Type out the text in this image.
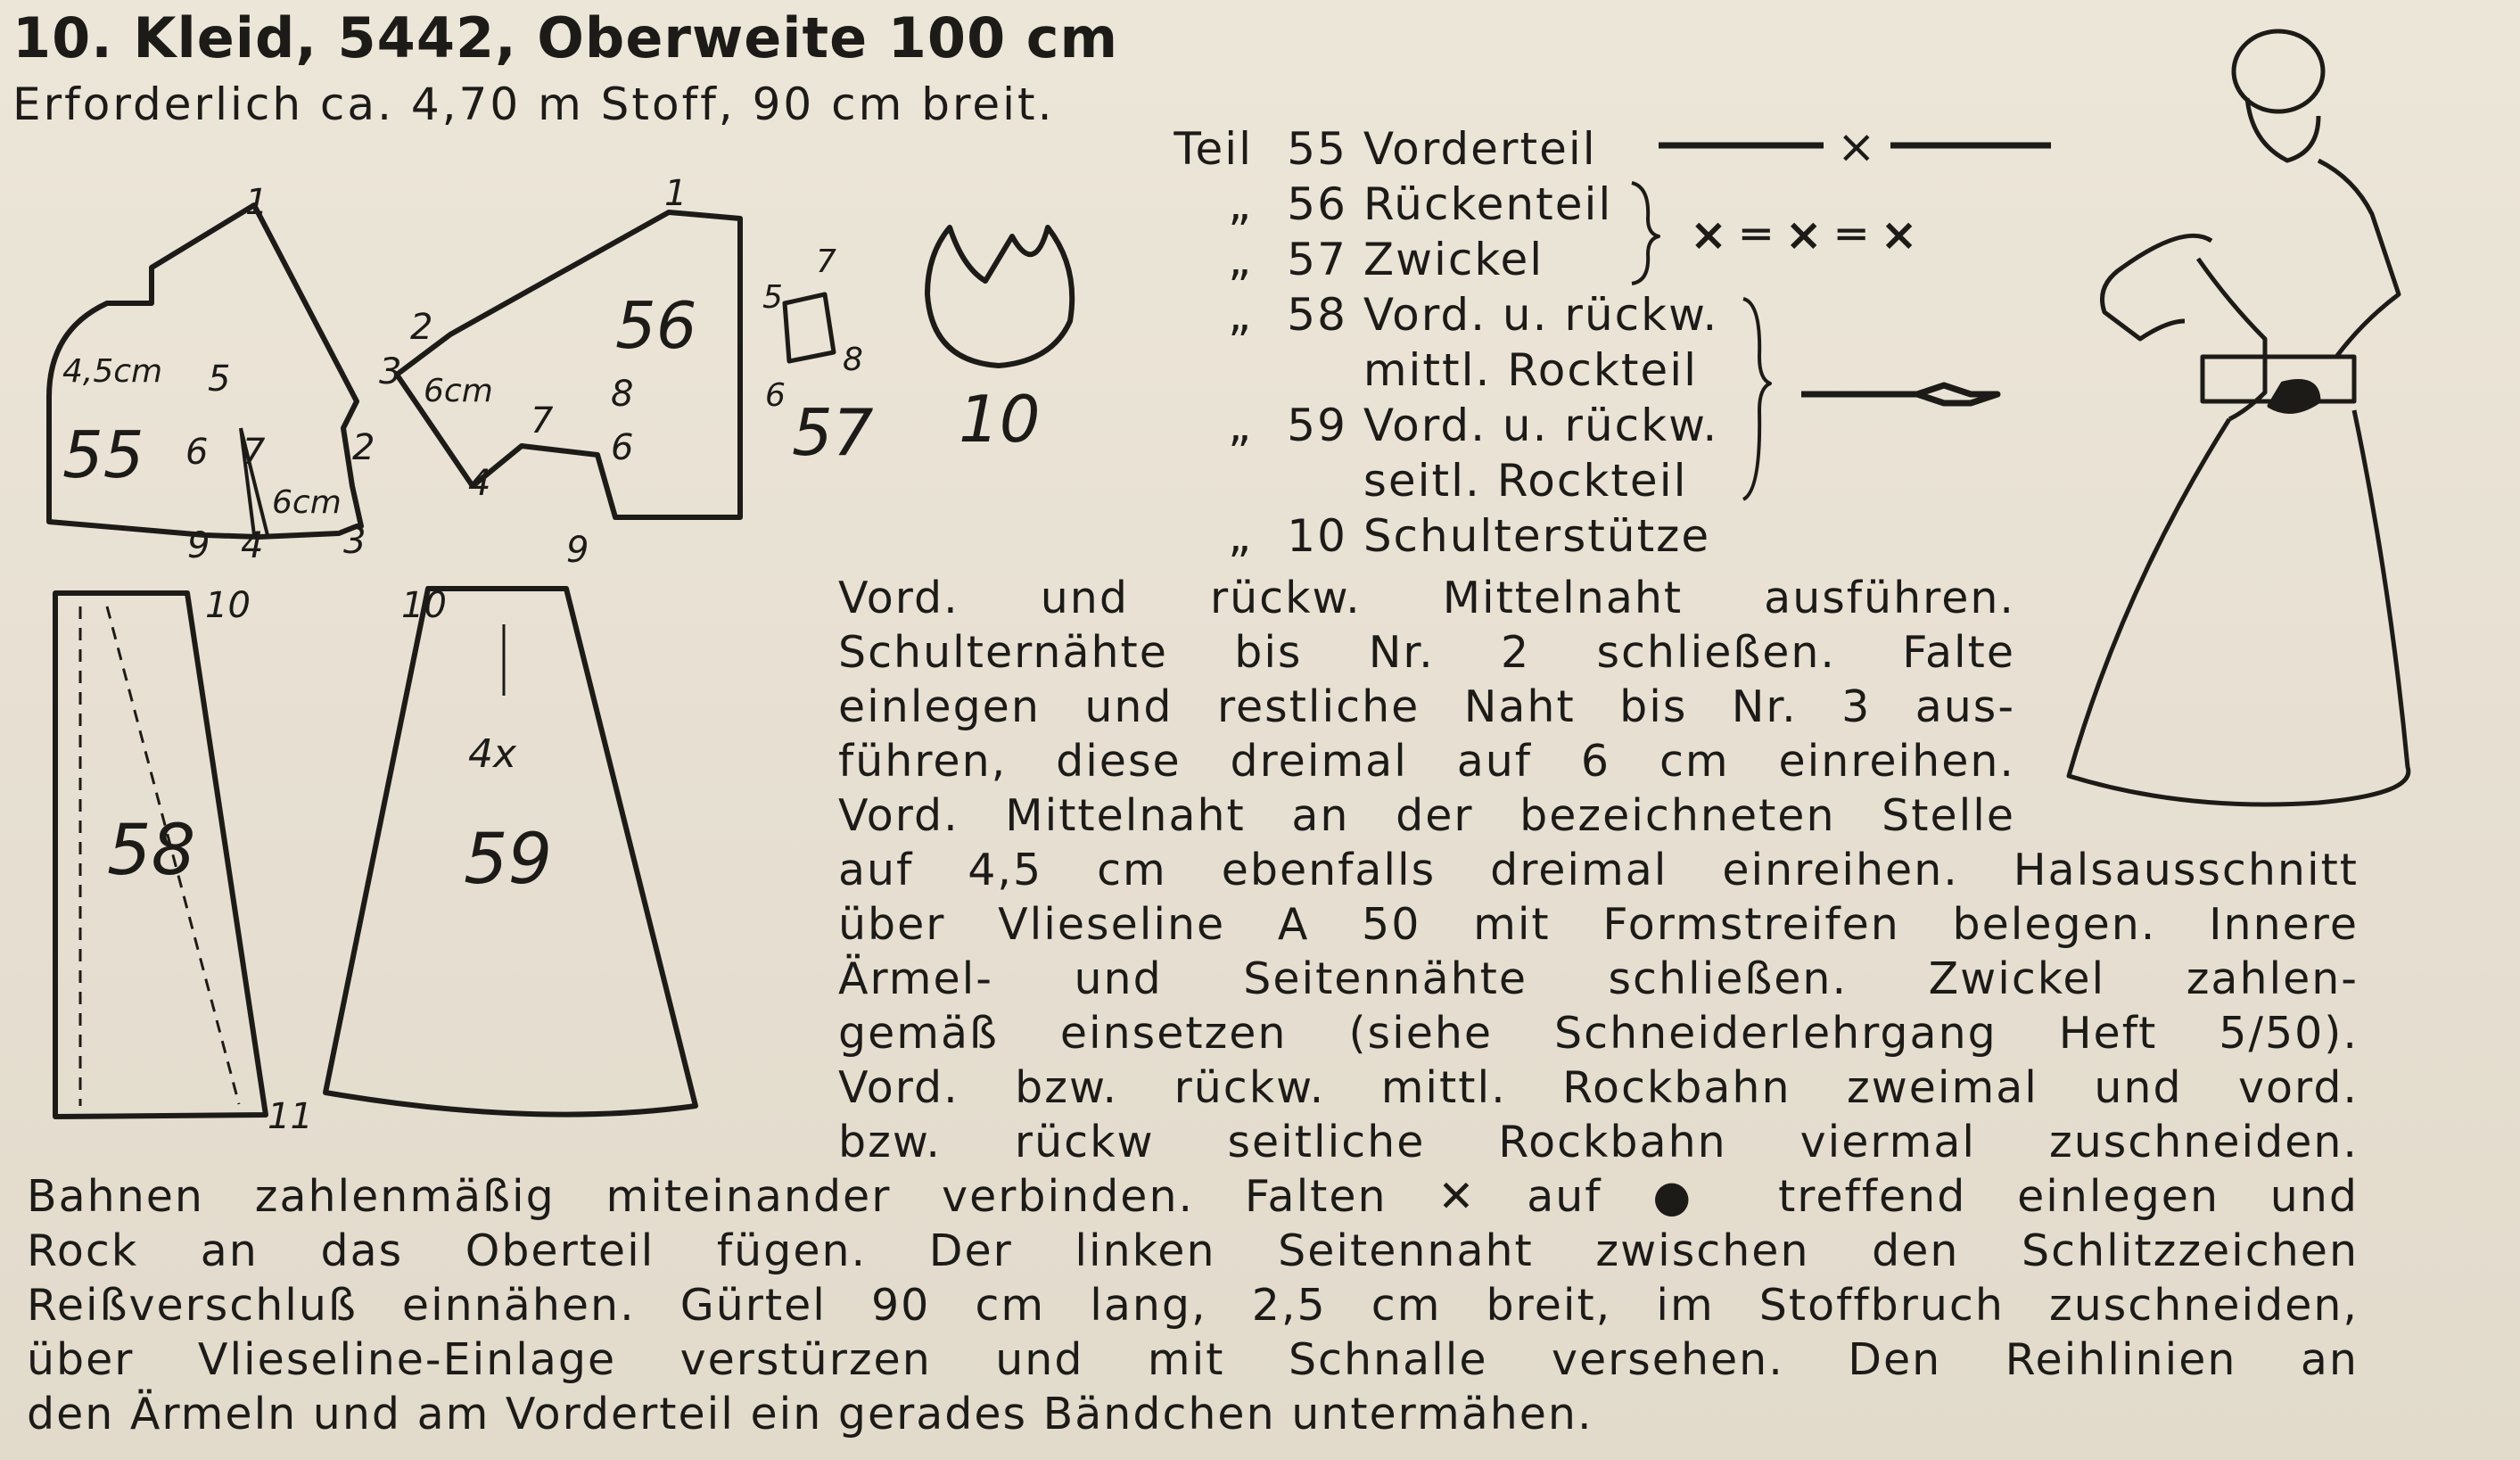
10. Kleid, 5442, Oberweite 100 cm
Erforderlich ca. 4,70 m Stoff, 90 cm breit.
55
56
57 10
58	59
4x
4,5cm
6cm
6cm
1
5
6 7 2
9 4 3
1
2
3
7
8
6
4
5
7
8
6
10
11
10
9
×
× ═ × ═ ×
Teil 55 Vorderteil
„ 56 Rückenteil
„ 57 Zwickel
„ 58 Vord. u. rückw.
mittl. Rockteil
„ 59 Vord. u. rückw.
seitl. Rockteil
„ 10 Schulterstütze
Vord. und rückw. Mittelnaht ausführen.
Schulternähte bis Nr. 2 schließen. Falte
einlegen und restliche Naht bis Nr. 3 aus-
führen, diese dreimal auf 6 cm einreihen.
Vord. Mittelnaht an der bezeichneten Stelle
auf 4,5 cm ebenfalls dreimal einreihen. Halsausschnitt
über Vlieseline A 50 mit Formstreifen belegen. Innere
Ärmel- und Seitennähte schließen. Zwickel zahlen-
gemäß einsetzen (siehe Schneiderlehrgang Heft 5/50).
Vord. bzw. rückw. mittl. Rockbahn zweimal und vord.
bzw. rückw seitliche Rockbahn viermal zuschneiden.
Bahnen zahlenmäßig miteinander verbinden. Falten ✕ auf ● treffend einlegen und
Rock an das Oberteil fügen. Der linken Seitennaht zwischen den Schlitzzeichen
Reißverschluß einnähen. Gürtel 90 cm lang, 2,5 cm breit, im Stoffbruch zuschneiden,
über Vlieseline-Einlage verstürzen und mit Schnalle versehen. Den Reihlinien an
den Ärmeln und am Vorderteil ein gerades Bändchen untermähen.
